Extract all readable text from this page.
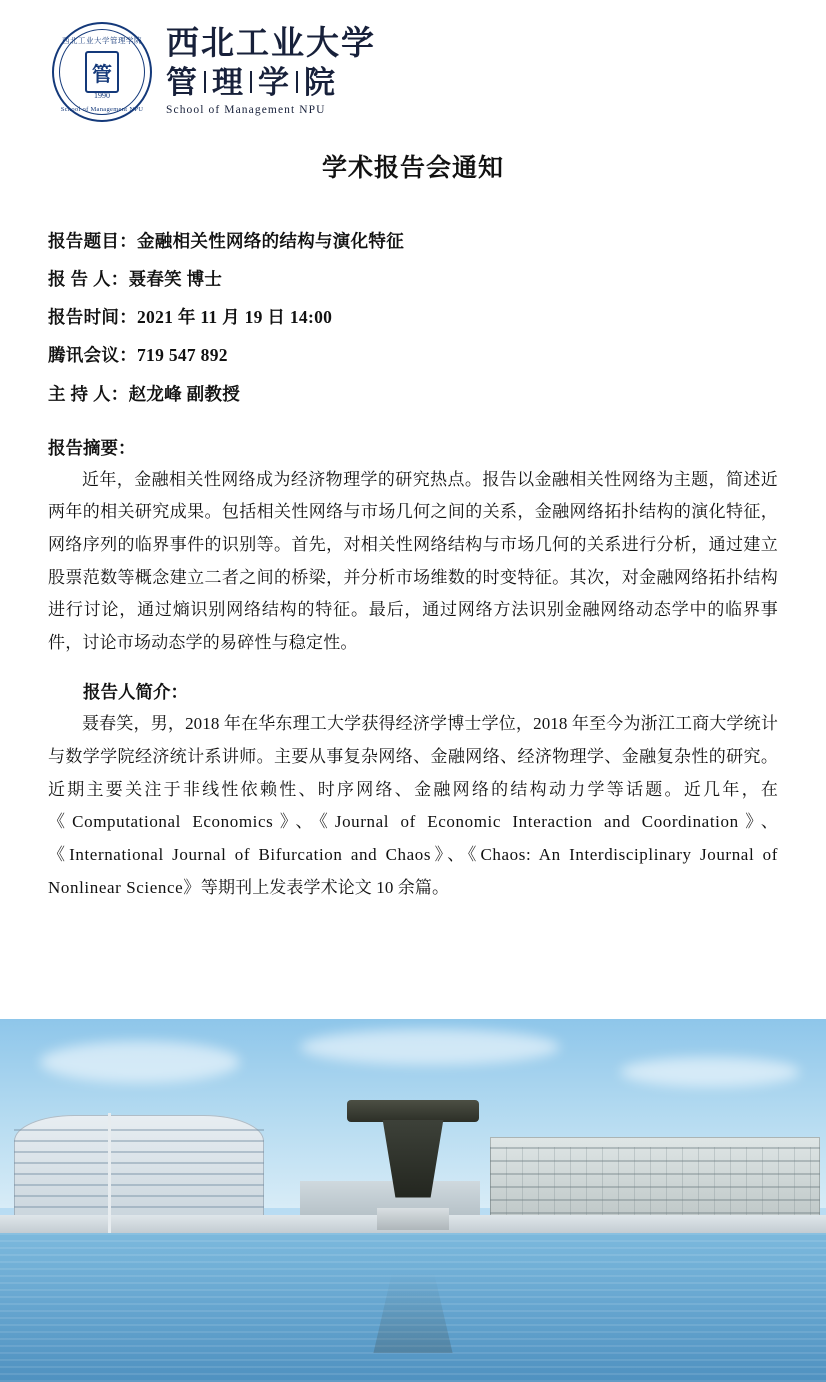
西北工业大学管理学院
管
1990
School of Management NPU
西北工业大学
管 理 学 院
School of Management NPU
学术报告会通知
报告题目：金融相关性网络的结构与演化特征
报 告 人：聂春笑 博士
报告时间：2021 年 11 月 19 日 14:00
腾讯会议：719 547 892
主 持 人：赵龙峰 副教授
报告摘要：
近年，金融相关性网络成为经济物理学的研究热点。报告以金融相关性网络为主题，简述近两年的相关研究成果。包括相关性网络与市场几何之间的关系，金融网络拓扑结构的演化特征，网络序列的临界事件的识别等。首先，对相关性网络结构与市场几何的关系进行分析，通过建立股票范数等概念建立二者之间的桥梁，并分析市场维数的时变特征。其次，对金融网络拓扑结构进行讨论，通过熵识别网络结构的特征。最后，通过网络方法识别金融网络动态学中的临界事件，讨论市场动态学的易碎性与稳定性。
报告人简介：
聂春笑，男，2018 年在华东理工大学获得经济学博士学位，2018 年至今为浙江工商大学统计与数学学院经济统计系讲师。主要从事复杂网络、金融网络、经济物理学、金融复杂性的研究。近期主要关注于非线性依赖性、时序网络、金融网络的结构动力学等话题。近几年，在《Computational Economics》、《Journal of Economic Interaction and Coordination》、《International Journal of Bifurcation and Chaos》、《Chaos: An Interdisciplinary Journal of Nonlinear Science》等期刊上发表学术论文 10 余篇。
